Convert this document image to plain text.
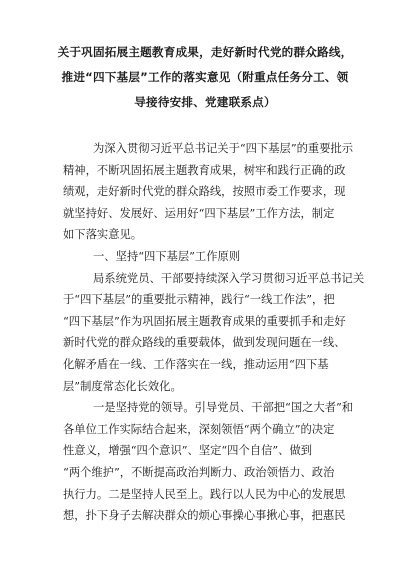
关于巩固拓展主题教育成果，走好新时代党的群众路线，
推进“四下基层”工作的落实意见（附重点任务分工、领
导接待安排、党建联系点）
为深入贯彻习近平总书记关于“四下基层”的重要批示
精神，不断巩固拓展主题教育成果，树牢和践行正确的政
绩观，走好新时代党的群众路线，按照市委工作要求，现
就坚持好、发展好、运用好“四下基层”工作方法，制定
如下落实意见。
一、坚持“四下基层”工作原则
局系统党员、干部要持续深入学习贯彻习近平总书记关
于“四下基层”的重要批示精神，践行“一线工作法”，把
“四下基层”作为巩固拓展主题教育成果的重要抓手和走好
新时代党的群众路线的重要载体，做到发现问题在一线、
化解矛盾在一线、工作落实在一线，推动运用“四下基
层”制度常态化长效化。
一是坚持党的领导。引导党员、干部把“国之大者”和
各单位工作实际结合起来，深刻领悟“两个确立”的决定
性意义，增强“四个意识”、坚定“四个自信”、做到
“两个维护”，不断提高政治判断力、政治领悟力、政治
执行力。二是坚持人民至上。践行以人民为中心的发展思
想，扑下身子去解决群众的烦心事操心事揪心事，把惠民
